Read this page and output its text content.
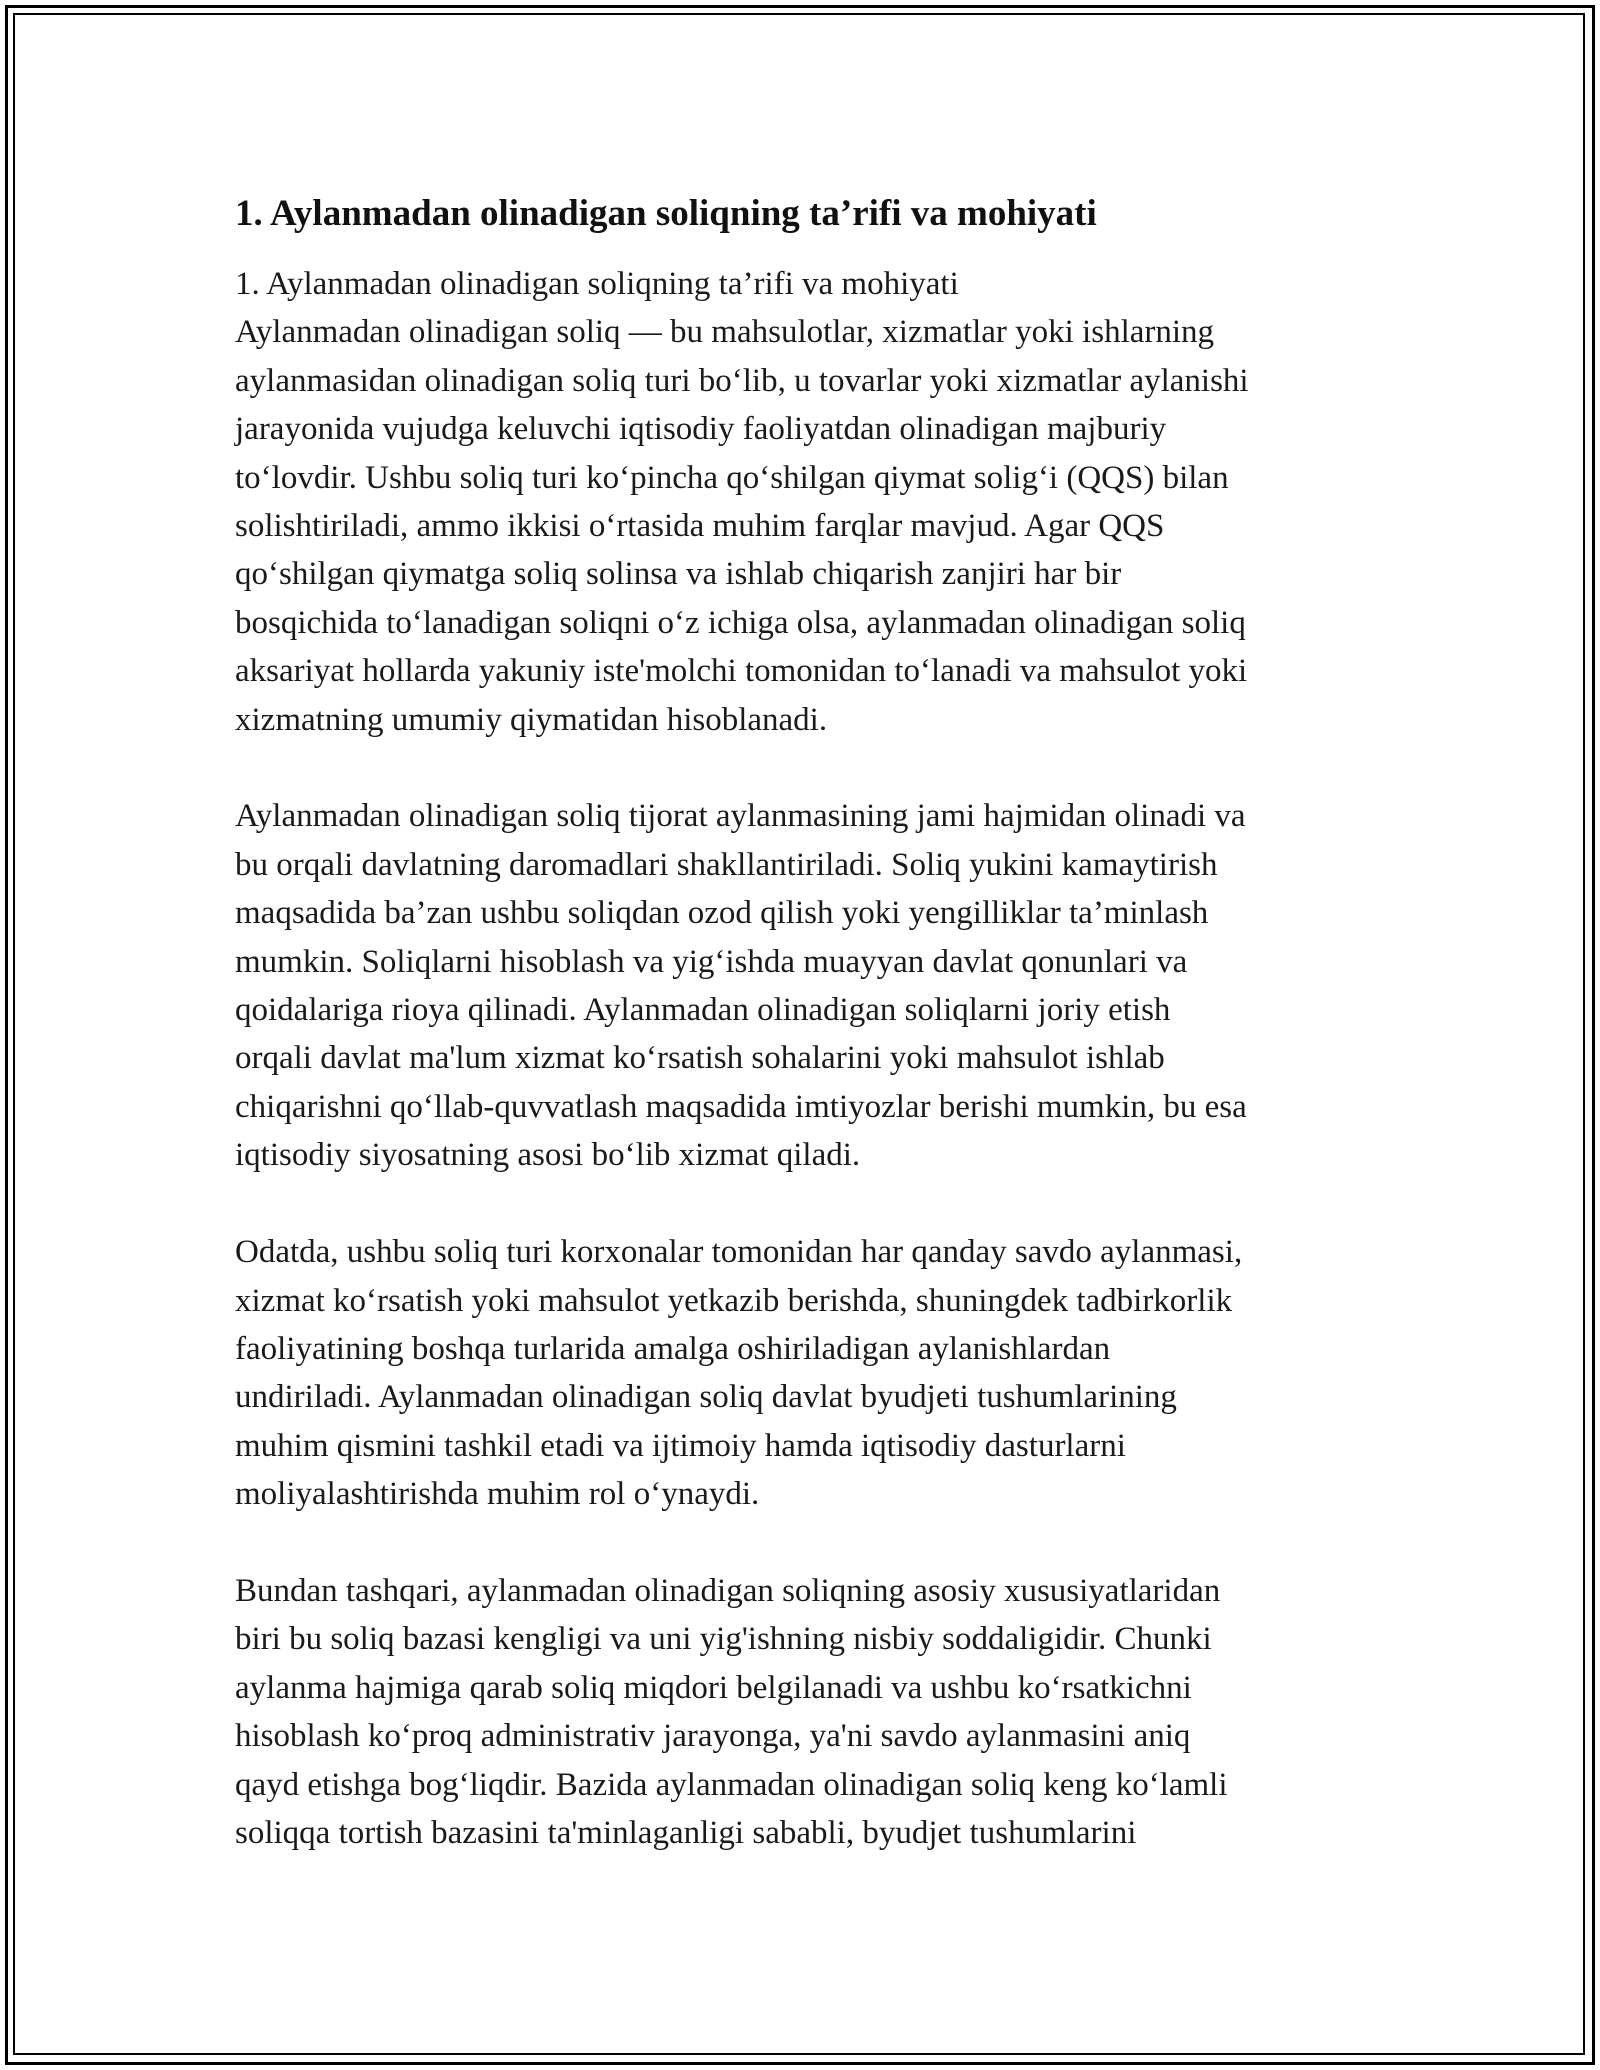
1. Aylanmadan olinadigan soliqning ta’rifi va mohiyati
1. Aylanmadan olinadigan soliqning ta’rifi va mohiyati

Aylanmadan olinadigan soliq — bu mahsulotlar, xizmatlar yoki ishlarning
aylanmasidan olinadigan soliq turi bo‘lib, u tovarlar yoki xizmatlar aylanishi
jarayonida vujudga keluvchi iqtisodiy faoliyatdan olinadigan majburiy
to‘lovdir. Ushbu soliq turi ko‘pincha qo‘shilgan qiymat solig‘i (QQS) bilan
solishtiriladi, ammo ikkisi o‘rtasida muhim farqlar mavjud. Agar QQS
qo‘shilgan qiymatga soliq solinsa va ishlab chiqarish zanjiri har bir
bosqichida to‘lanadigan soliqni o‘z ichiga olsa, aylanmadan olinadigan soliq
aksariyat hollarda yakuniy iste'molchi tomonidan to‘lanadi va mahsulot yoki
xizmatning umumiy qiymatidan hisoblanadi.

Aylanmadan olinadigan soliq tijorat aylanmasining jami hajmidan olinadi va
bu orqali davlatning daromadlari shakllantiriladi. Soliq yukini kamaytirish
maqsadida ba’zan ushbu soliqdan ozod qilish yoki yengilliklar ta’minlash
mumkin. Soliqlarni hisoblash va yig‘ishda muayyan davlat qonunlari va
qoidalariga rioya qilinadi. Aylanmadan olinadigan soliqlarni joriy etish
orqali davlat ma'lum xizmat ko‘rsatish sohalarini yoki mahsulot ishlab
chiqarishni qo‘llab-quvvatlash maqsadida imtiyozlar berishi mumkin, bu esa
iqtisodiy siyosatning asosi bo‘lib xizmat qiladi.

Odatda, ushbu soliq turi korxonalar tomonidan har qanday savdo aylanmasi,
xizmat ko‘rsatish yoki mahsulot yetkazib berishda, shuningdek tadbirkorlik
faoliyatining boshqa turlarida amalga oshiriladigan aylanishlardan
undiriladi. Aylanmadan olinadigan soliq davlat byudjeti tushumlarining
muhim qismini tashkil etadi va ijtimoiy hamda iqtisodiy dasturlarni
moliyalashtirishda muhim rol o‘ynaydi.

Bundan tashqari, aylanmadan olinadigan soliqning asosiy xususiyatlaridan
biri bu soliq bazasi kengligi va uni yig'ishning nisbiy soddaligidir. Chunki
aylanma hajmiga qarab soliq miqdori belgilanadi va ushbu ko‘rsatkichni
hisoblash ko‘proq administrativ jarayonga, ya'ni savdo aylanmasini aniq
qayd etishga bog‘liqdir. Bazida aylanmadan olinadigan soliq keng ko‘lamli
soliqqa tortish bazasini ta'minlaganligi sababli, byudjet tushumlarini
